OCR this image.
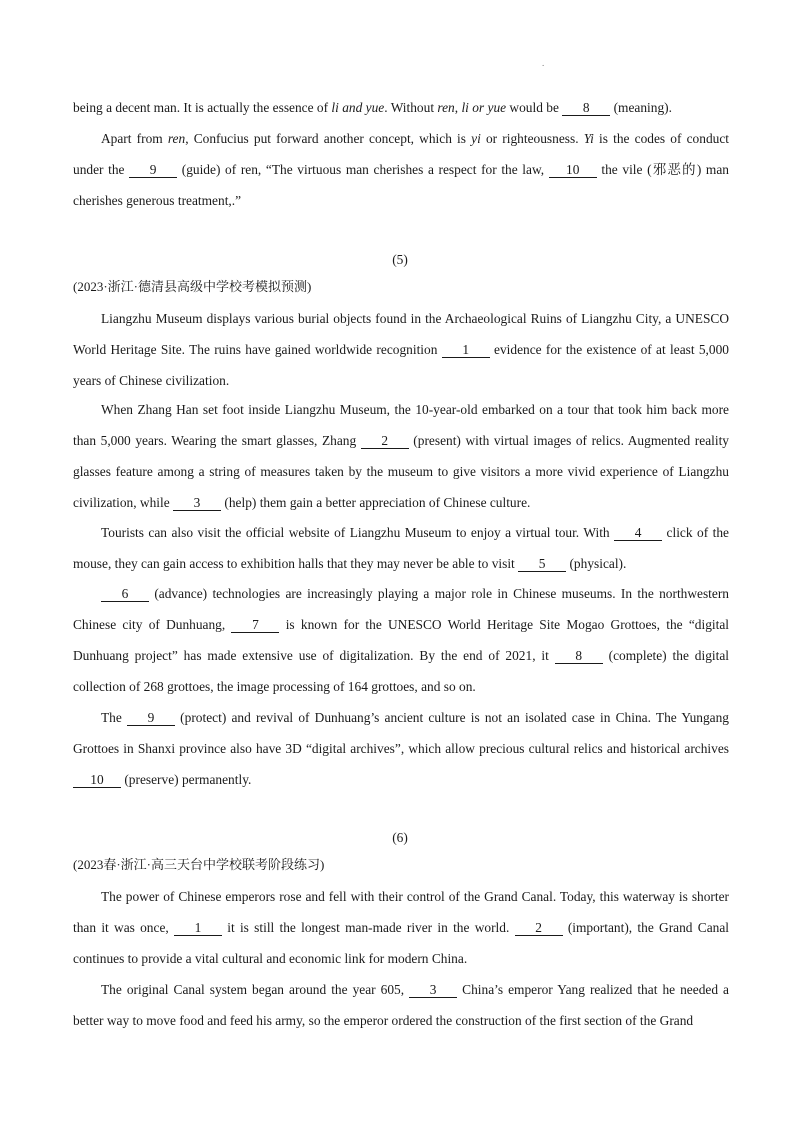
.

being a decent man. It is actually the essence of li and yue. Without ren, li or yue would be 8 (meaning).

Apart from ren, Confucius put forward another concept, which is yi or righteousness. Yi is the codes of conduct under the 9 (guide) of ren, “The virtuous man cherishes a respect for the law, 10 the vile (邪恶的) man cherishes generous treatment,.”

(5)

(2023·浙江·德清县高级中学校考模拟预测)

Liangzhu Museum displays various burial objects found in the Archaeological Ruins of Liangzhu City, a UNESCO World Heritage Site. The ruins have gained worldwide recognition 1 evidence for the existence of at least 5,000 years of Chinese civilization.

When Zhang Han set foot inside Liangzhu Museum, the 10-year-old embarked on a tour that took him back more than 5,000 years. Wearing the smart glasses, Zhang 2 (present) with virtual images of relics. Augmented reality glasses feature among a string of measures taken by the museum to give visitors a more vivid experience of Liangzhu civilization, while 3 (help) them gain a better appreciation of Chinese culture.

Tourists can also visit the official website of Liangzhu Museum to enjoy a virtual tour. With 4 click of the mouse, they can gain access to exhibition halls that they may never be able to visit 5 (physical).

6 (advance) technologies are increasingly playing a major role in Chinese museums. In the northwestern Chinese city of Dunhuang, 7 is known for the UNESCO World Heritage Site Mogao Grottoes, the “digital Dunhuang project” has made extensive use of digitalization. By the end of 2021, it 8 (complete) the digital collection of 268 grottoes, the image processing of 164 grottoes, and so on.

The 9 (protect) and revival of Dunhuang’s ancient culture is not an isolated case in China. The Yungang Grottoes in Shanxi province also have 3D “digital archives”, which allow precious cultural relics and historical archives 10 (preserve) permanently.

(6)

(2023春·浙江·高三天台中学校联考阶段练习)

The power of Chinese emperors rose and fell with their control of the Grand Canal. Today, this waterway is shorter than it was once, 1 it is still the longest man-made river in the world. 2 (important), the Grand Canal continues to provide a vital cultural and economic link for modern China.

The original Canal system began around the year 605, 3 China’s emperor Yang realized that he needed a better way to move food and feed his army, so the emperor ordered the construction of the first section of the Grand
